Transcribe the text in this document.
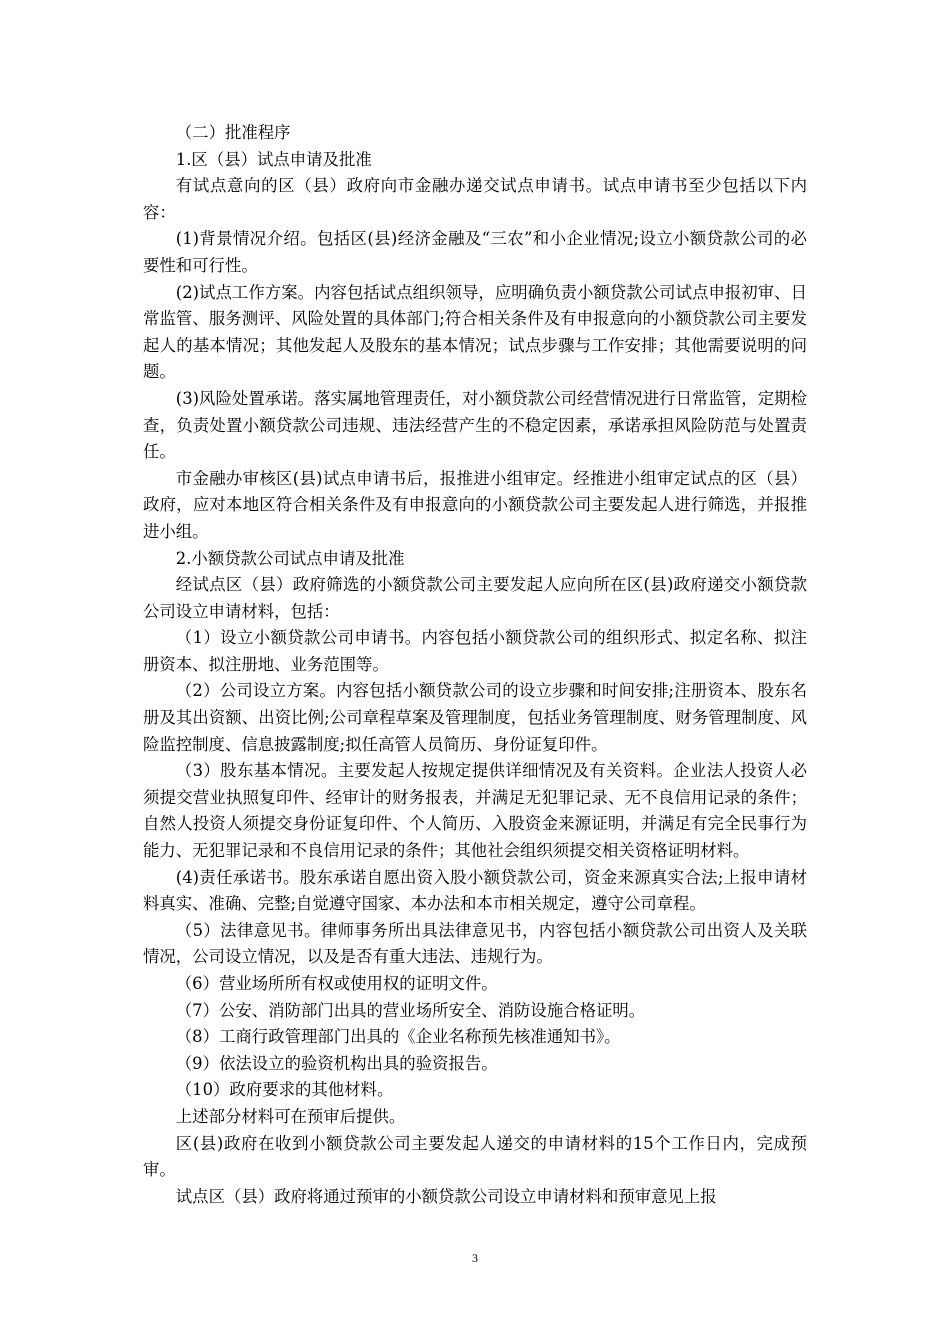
（二）批准程序

1.区（县）试点申请及批准

有试点意向的区（县）政府向市金融办递交试点申请书。试点申请书至少包括以下内容：

(1)背景情况介绍。包括区(县)经济金融及“三农”和小企业情况;设立小额贷款公司的必要性和可行性。

(2)试点工作方案。内容包括试点组织领导，应明确负责小额贷款公司试点申报初审、日常监管、服务测评、风险处置的具体部门;符合相关条件及有申报意向的小额贷款公司主要发起人的基本情况；其他发起人及股东的基本情况；试点步骤与工作安排；其他需要说明的问题。

(3)风险处置承诺。落实属地管理责任，对小额贷款公司经营情况进行日常监管，定期检查，负责处置小额贷款公司违规、违法经营产生的不稳定因素，承诺承担风险防范与处置责任。

市金融办审核区(县)试点申请书后，报推进小组审定。经推进小组审定试点的区（县）政府，应对本地区符合相关条件及有申报意向的小额贷款公司主要发起人进行筛选，并报推进小组。

2.小额贷款公司试点申请及批准

经试点区（县）政府筛选的小额贷款公司主要发起人应向所在区(县)政府递交小额贷款公司设立申请材料，包括：

（1）设立小额贷款公司申请书。内容包括小额贷款公司的组织形式、拟定名称、拟注册资本、拟注册地、业务范围等。

（2）公司设立方案。内容包括小额贷款公司的设立步骤和时间安排;注册资本、股东名册及其出资额、出资比例;公司章程草案及管理制度，包括业务管理制度、财务管理制度、风险监控制度、信息披露制度;拟任高管人员简历、身份证复印件。

（3）股东基本情况。主要发起人按规定提供详细情况及有关资料。企业法人投资人必须提交营业执照复印件、经审计的财务报表，并满足无犯罪记录、无不良信用记录的条件；自然人投资人须提交身份证复印件、个人简历、入股资金来源证明，并满足有完全民事行为能力、无犯罪记录和不良信用记录的条件；其他社会组织须提交相关资格证明材料。

(4)责任承诺书。股东承诺自愿出资入股小额贷款公司，资金来源真实合法;上报申请材料真实、准确、完整;自觉遵守国家、本办法和本市相关规定，遵守公司章程。

（5）法律意见书。律师事务所出具法律意见书，内容包括小额贷款公司出资人及关联情况，公司设立情况，以及是否有重大违法、违规行为。

（6）营业场所所有权或使用权的证明文件。

（7）公安、消防部门出具的营业场所安全、消防设施合格证明。

（8）工商行政管理部门出具的《企业名称预先核准通知书》。

（9）依法设立的验资机构出具的验资报告。

（10）政府要求的其他材料。

上述部分材料可在预审后提供。

区(县)政府在收到小额贷款公司主要发起人递交的申请材料的15个工作日内，完成预审。

试点区（县）政府将通过预审的小额贷款公司设立申请材料和预审意见上报

3
